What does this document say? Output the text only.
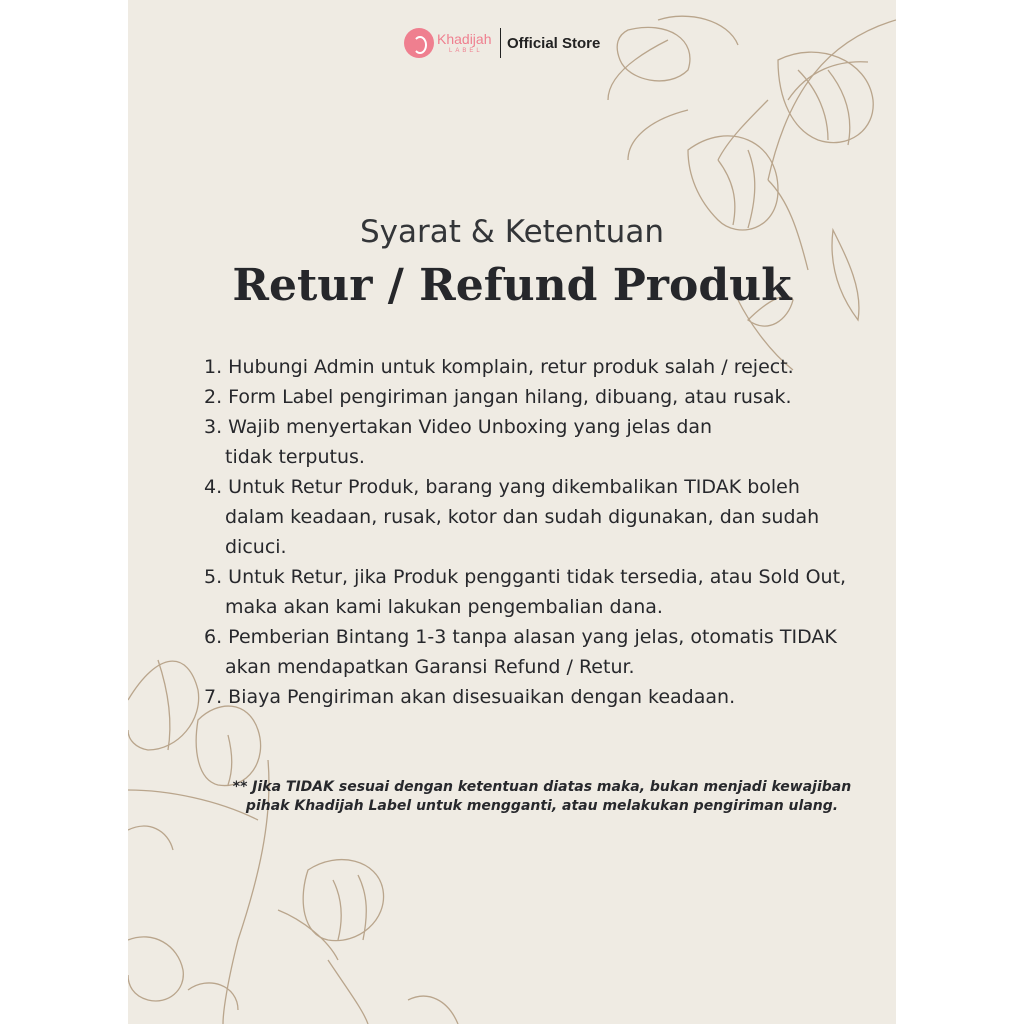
Khadijah
LABEL	Official Store
Syarat & Ketentuan
Retur / Refund Produk
1. Hubungi Admin untuk komplain, retur produk salah / reject.
2. Form Label pengiriman jangan hilang, dibuang, atau rusak.
3. Wajib menyertakan Video Unboxing yang jelas dan tidak terputus.
4. Untuk Retur Produk, barang yang dikembalikan TIDAK boleh dalam keadaan, rusak, kotor dan sudah digunakan, dan sudah dicuci.
5. Untuk Retur, jika Produk pengganti tidak tersedia, atau Sold Out, maka akan kami lakukan pengembalian dana.
6. Pemberian Bintang 1-3 tanpa alasan yang jelas, otomatis TIDAK akan mendapatkan Garansi Refund / Retur.
7. Biaya Pengiriman akan disesuaikan dengan keadaan.
** Jika TIDAK sesuai dengan ketentuan diatas maka, bukan menjadi kewajiban
pihak Khadijah Label untuk mengganti, atau melakukan pengiriman ulang.
